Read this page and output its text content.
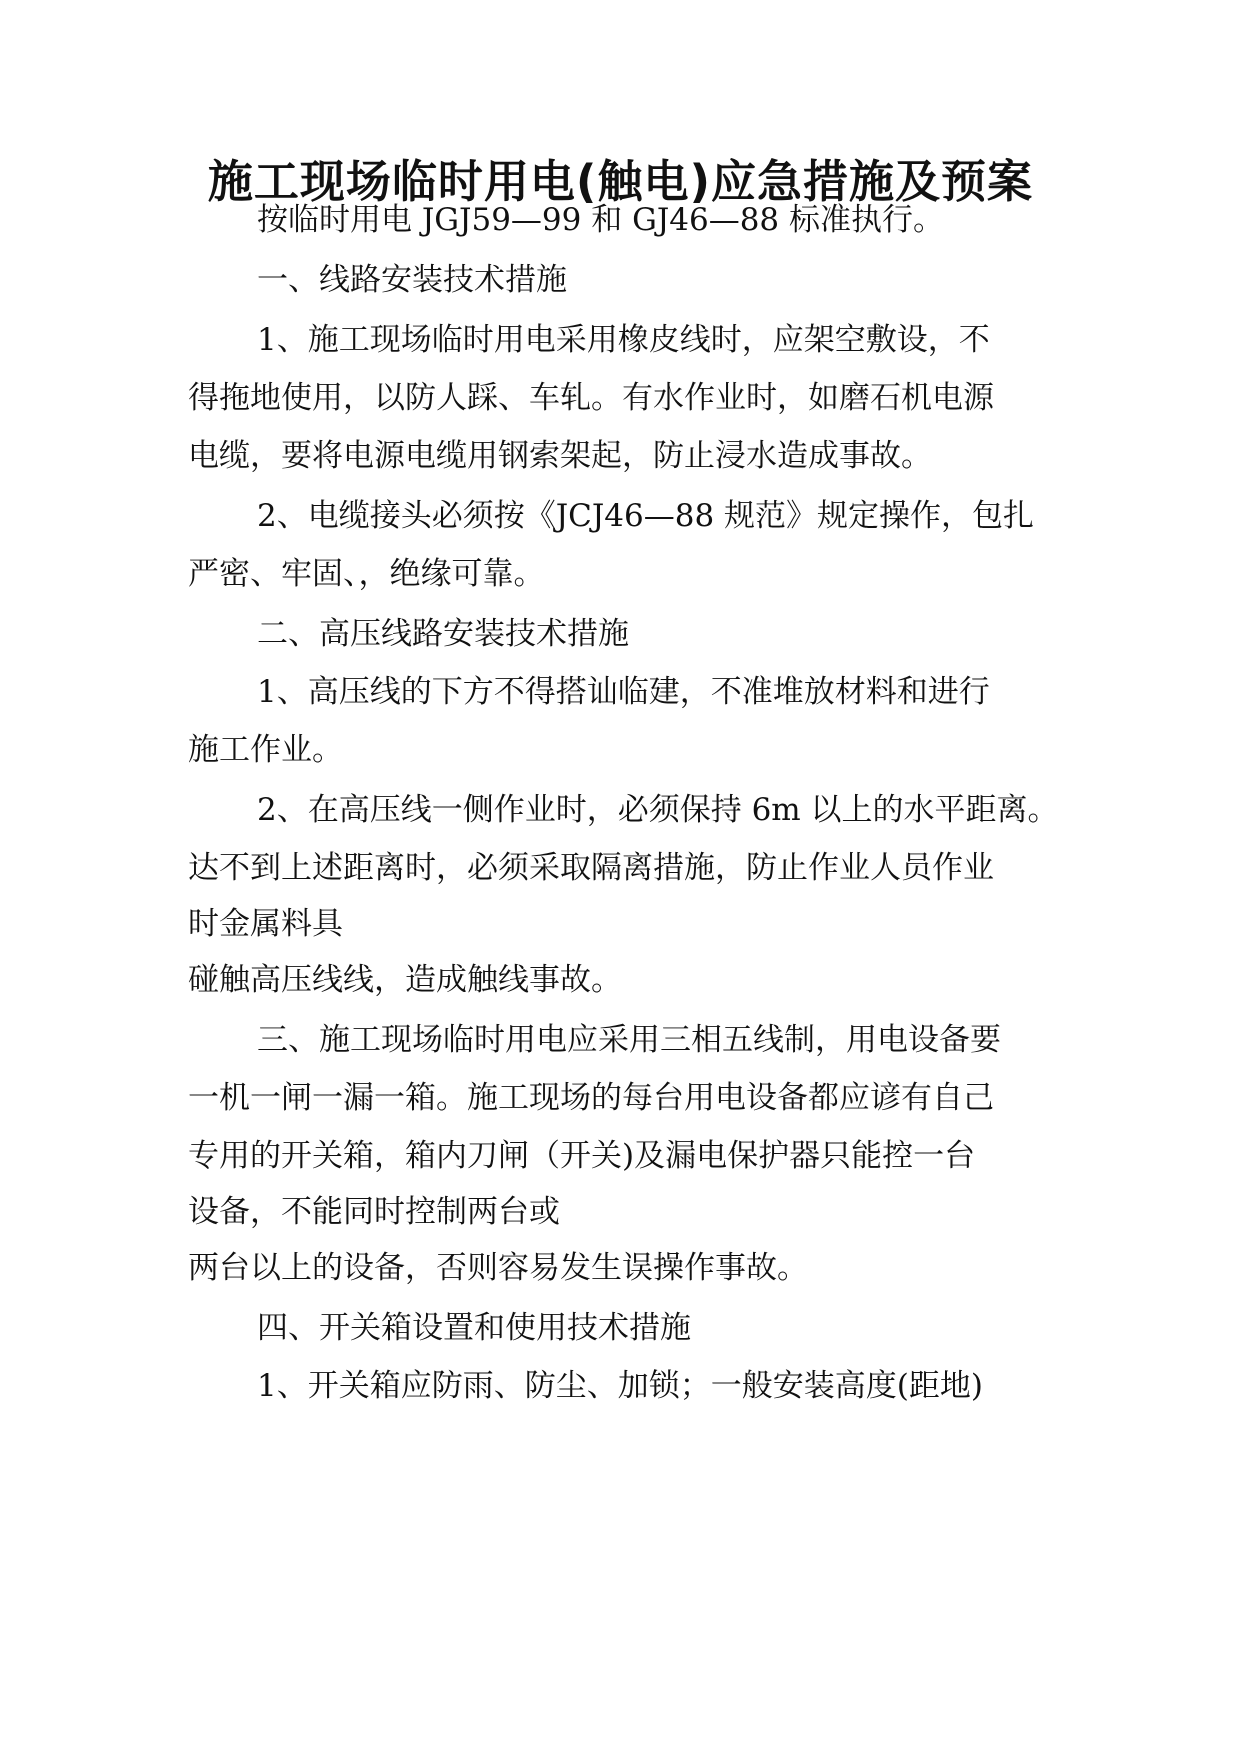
施工现场临时用电(触电)应急措施及预案
按临时用电 JGJ59—99 和 GJ46—88 标准执行。
一、线路安装技术措施
1、施工现场临时用电采用橡皮线时，应架空敷设，不
得拖地使用，以防人踩、车轧。有水作业时，如磨石机电源
电缆，要将电源电缆用钢索架起，防止浸水造成事故。
2、电缆接头必须按《JCJ46—88 规范》规定操作，包扎
严密、牢固、，绝缘可靠。
二、高压线路安装技术措施
1、高压线的下方不得搭讪临建，不准堆放材料和进行
施工作业。
2、在高压线一侧作业时，必须保持 6m 以上的水平距离。
达不到上述距离时，必须采取隔离措施，防止作业人员作业
时金属料具
碰触高压线线，造成触线事故。
三、施工现场临时用电应采用三相五线制，用电设备要
一机一闸一漏一箱。施工现场的每台用电设备都应谚有自己
专用的开关箱，箱内刀闸（开关)及漏电保护器只能控一台
设备，不能同时控制两台或
两台以上的设备，否则容易发生误操作事故。
四、开关箱设置和使用技术措施
1、开关箱应防雨、防尘、加锁；一般安装高度(距地)
